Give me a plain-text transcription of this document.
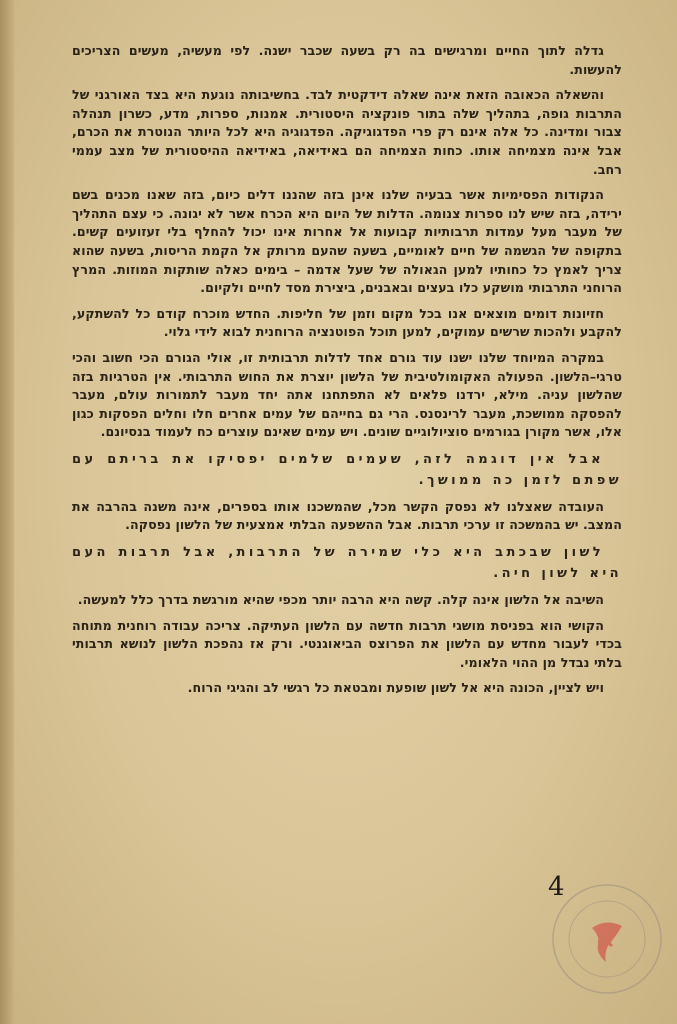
גדלה לתוך החיים ומרגישים בה רק בשעה שכבר ישנה. לפי מעשיה, מעשים הצריכים להעשות.

והשאלה הכאובה הזאת אינה שאלה דידקטית לבד. בחשיבותה נוגעת היא בצד האורגני של התרבות גופה, בתהליך שלה בתור פונקציה היסטורית. אמנות, ספרות, מדע, כשרון תנהלה צבור ומדינה. כל אלה אינם רק פרי הפדגוגיקה. הפדגוגיה היא לכל היותר הנוטרת את הכרם, אבל אינה מצמיחה אותו. כחות הצמיחה הם באידיאה, באידיאה ההיסטורית של מצב עממי רחב.

הנקודות הפסימיות אשר בבעיה שלנו אינן בזה שהננו דלים כיום, בזה שאנו מכנים בשם ירידה, בזה שיש לנו ספרות צנומה. הדלות של היום היא הכרח אשר לא יגונה. כי עצם התהליך של מעבר מעל עמדות תרבותיות קבועות אל אחרות אינו יכול להחלף בלי זעזועים קשים. בתקופה של הגשמה של חיים לאומיים, בשעה שהעם מרותק אל הקמת הריסות, בשעה שהוא צריך לאמץ כל כחותיו למען הגאולה של שעל אדמה – בימים כאלה שותקות המוזות. המרץ הרוחני התרבותי מושקע כלו בעצים ובאבנים, ביצירת מסד לחיים ולקיום.

חזיונות דומים מוצאים אנו בכל מקום וזמן של חליפות. החדש מוכרח קודם כל להשתקע, להקבע ולהכות שרשים עמוקים, למען תוכל הפוטנציה הרוחנית לבוא לידי גלוי.

במקרה המיוחד שלנו ישנו עוד גורם אחד לדלות תרבותית זו, אולי הגורם הכי חשוב והכי טרגי–הלשון. הפעולה האקומולטיבית של הלשון יוצרת את החוש התרבותי. אין הטרגיות בזה שהלשון עניה. מילא, ירדנו פלאים לא התפתחנו אתה יחד מעבר לתמורות עולם, מעבר להפסקה ממושכת, מעבר לרינסנס. הרי גם בחייהם של עמים אחרים חלו וחלים הפסקות כגון אלו, אשר מקורן בגורמים סוציולוגיים שונים. ויש עמים שאינם עוצרים כח לעמוד בנסיונם.

אבל אין דוגמה לזה, שעמים שלמים יפסיקו את בריתם עם שפתם לזמן כה ממושך.

העובדה שאצלנו לא נפסק הקשר מכל, שהמשכנו אותו בספרים, אינה משנה בהרבה את המצב. יש בהמשכה זו ערכי תרבות. אבל ההשפעה הבלתי אמצעית של הלשון נפסקה.

לשון שבכתב היא כלי שמירה של התרבות, אבל תרבות העם היא לשון חיה.

השיבה אל הלשון אינה קלה. קשה היא הרבה יותר מכפי שהיא מורגשת בדרך כלל למעשה.

הקושי הוא בפניסת מושגי תרבות חדשה עם הלשון העתיקה. צריכה עבודה רוחנית מתוחה בכדי לעבור מחדש עם הלשון את הפרוצס הביאוגנטי. ורק אז נהפכת הלשון לנושא תרבותי בלתי נבדל מן ההוי הלאומי.

ויש לציין, הכונה היא אל לשון שופעת ומבטאת כל רגשי לב והגיגי הרוח.

4
